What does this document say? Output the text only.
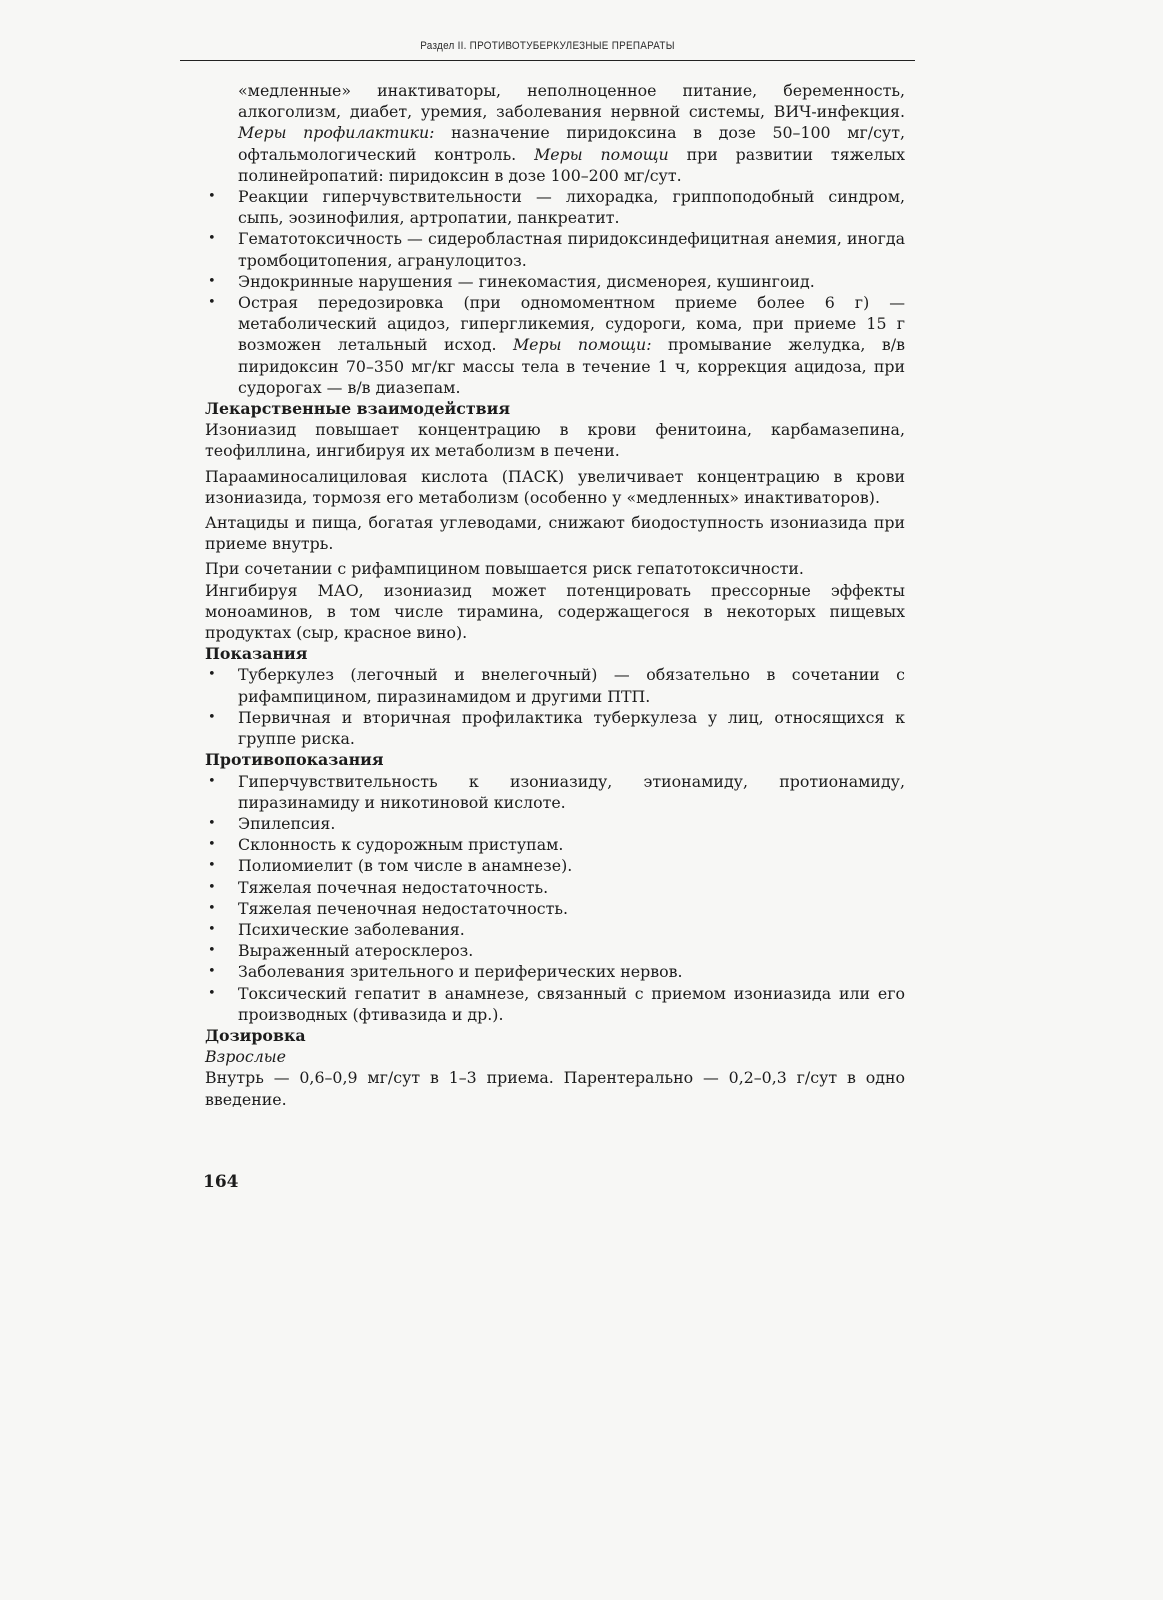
Раздел II. ПРОТИВОТУБЕРКУЛЕЗНЫЕ ПРЕПАРАТЫ

«медленные» инактиваторы, неполноценное питание, беременность, алкоголизм, диабет, уремия, заболевания нервной системы, ВИЧ-инфекция. Меры профилактики: назначение пиридоксина в дозе 50–100 мг/сут, офтальмологический контроль. Меры помощи при развитии тяжелых полинейропатий: пиридоксин в дозе 100–200 мг/сут.

• Реакции гиперчувствительности — лихорадка, гриппоподобный синдром, сыпь, эозинофилия, артропатии, панкреатит.
• Гематотоксичность — сидеробластная пиридоксиндефицитная анемия, иногда тромбоцитопения, агранулоцитоз.
• Эндокринные нарушения — гинекомастия, дисменорея, кушингоид.
• Острая передозировка (при одномоментном приеме более 6 г) — метаболический ацидоз, гипергликемия, судороги, кома, при приеме 15 г возможен летальный исход. Меры помощи: промывание желудка, в/в пиридоксин 70–350 мг/кг массы тела в течение 1 ч, коррекция ацидоза, при судорогах — в/в диазепам.

Лекарственные взаимодействия

Изониазид повышает концентрацию в крови фенитоина, карбамазепина, теофиллина, ингибируя их метаболизм в печени.

Парааминосалициловая кислота (ПАСК) увеличивает концентрацию в крови изониазида, тормозя его метаболизм (особенно у «медленных» инактиваторов).

Антациды и пища, богатая углеводами, снижают биодоступность изониазида при приеме внутрь.

При сочетании с рифампицином повышается риск гепатотоксичности.

Ингибируя МАО, изониазид может потенцировать прессорные эффекты моноаминов, в том числе тирамина, содержащегося в некоторых пищевых продуктах (сыр, красное вино).

Показания

• Туберкулез (легочный и внелегочный) — обязательно в сочетании с рифампицином, пиразинамидом и другими ПТП.
• Первичная и вторичная профилактика туберкулеза у лиц, относящихся к группе риска.

Противопоказания

• Гиперчувствительность к изониазиду, этионамиду, протионамиду, пиразинамиду и никотиновой кислоте.
• Эпилепсия.
• Склонность к судорожным приступам.
• Полиомиелит (в том числе в анамнезе).
• Тяжелая почечная недостаточность.
• Тяжелая печеночная недостаточность.
• Психические заболевания.
• Выраженный атеросклероз.
• Заболевания зрительного и периферических нервов.
• Токсический гепатит в анамнезе, связанный с приемом изониазида или его производных (фтивазида и др.).

Дозировка

Взрослые

Внутрь — 0,6–0,9 мг/сут в 1–3 приема. Парентерально — 0,2–0,3 г/сут в одно введение.

164
